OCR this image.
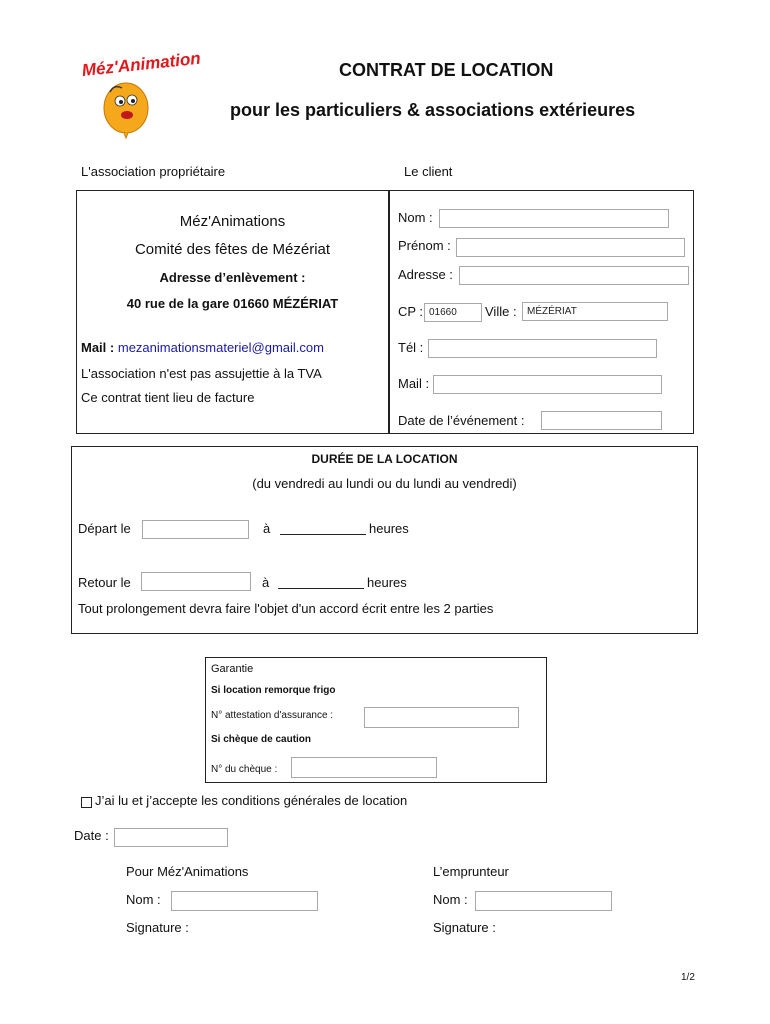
Méz'Animations	CONTRAT DE LOCATION
pour les particuliers & associations extérieures
L'association propriétaire	Le client
Méz'Animations
Comité des fêtes de Mézériat
Adresse d’enlèvement :
40 rue de la gare 01660 MÉZÉRIAT
Mail : mezanimationsmateriel@gmail.com
L'association n'est pas assujettie à la TVA
Ce contrat tient lieu de facture
Nom :
Prénom :
Adresse :
CP : 01660	Ville :	MÉZÉRIAT
Tél :
Mail :
Date de l’événement :
DURÉE DE LA LOCATION
(du vendredi au lundi ou du lundi au vendredi)
Départ le	à	heures
Retour le	à	heures
Tout prolongement devra faire l'objet d'un accord écrit entre les 2 parties
Garantie
Si location remorque frigo
N° attestation d'assurance :
Si chèque de caution
N° du chèque :
J’ai lu et j’accepte les conditions générales de location
Date :
Pour Méz'Animations	L’emprunteur
Nom :	Nom :
Signature :	Signature :
1/2
